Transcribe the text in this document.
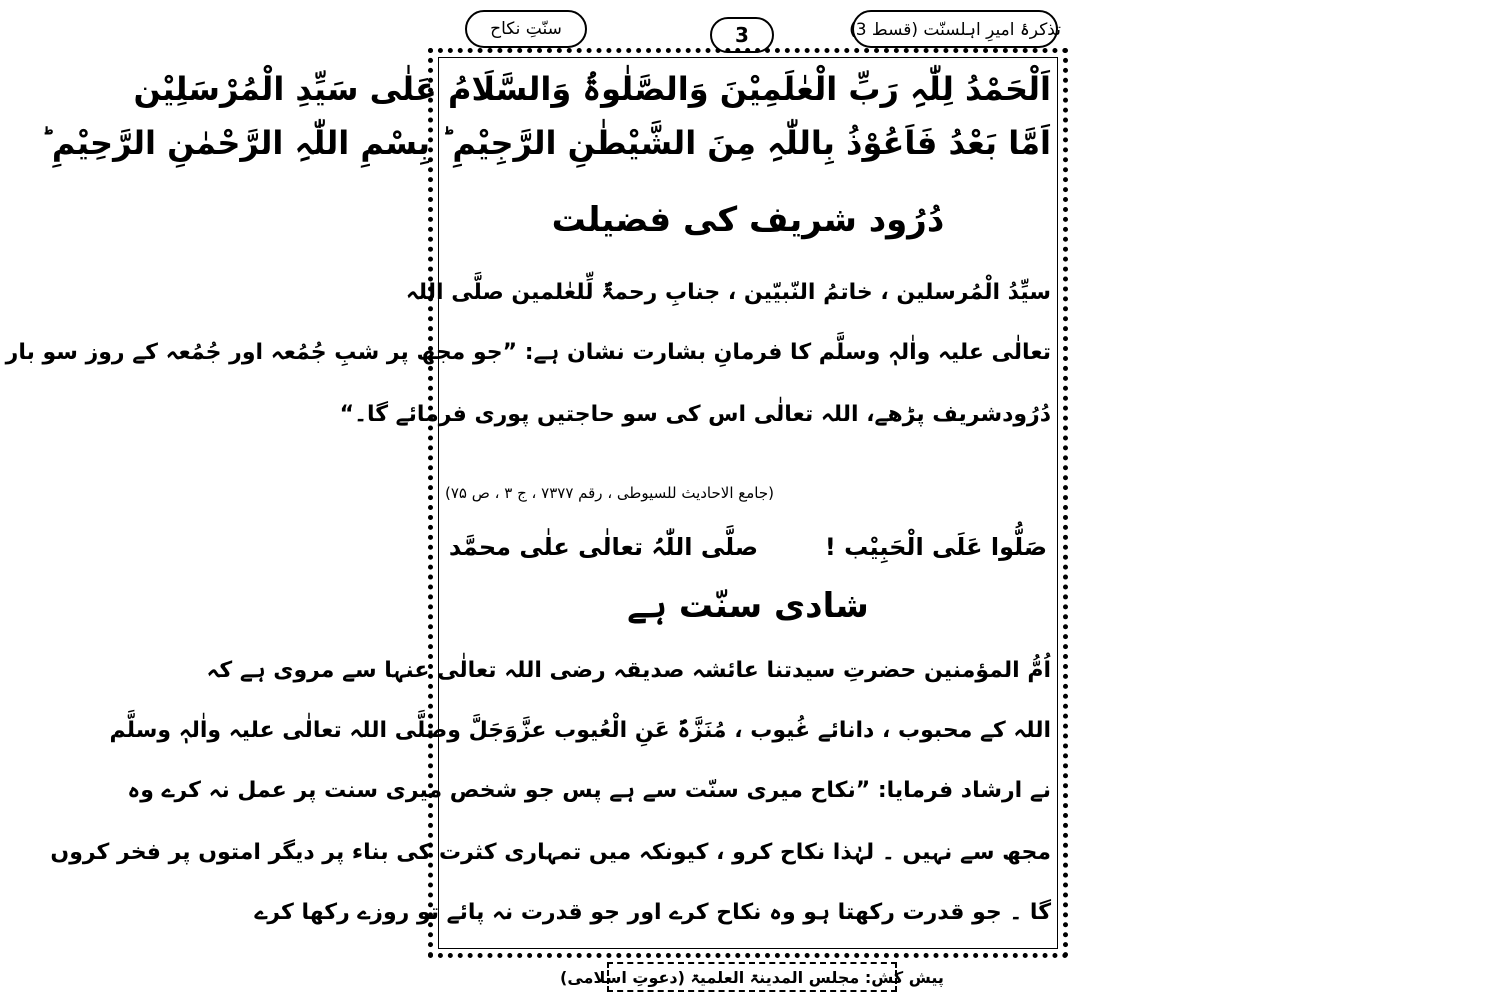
سنّتِ نکاح	3	تذکرۂ امیرِ اہلسنّت (قسط 3)
اَلْحَمْدُ لِلّٰہِ رَبِّ الْعٰلَمِیْنَ وَالصَّلٰوۃُ وَالسَّلَامُ عَلٰی سَیِّدِ الْمُرْسَلِیْن
اَمَّا بَعْدُ فَاَعُوْذُ بِاللّٰہِ مِنَ الشَّیْطٰنِ الرَّجِیْمِ ؕ بِسْمِ اللّٰہِ الرَّحْمٰنِ الرَّحِیْمِ ؕ
دُرُود شریف کی فضیلت
سیِّدُ الْمُرسلین ، خاتمُ النّبیّین ، جنابِ رحمۃٌ لِّلعٰلمین صلَّی اللہ
تعالٰی علیہ واٰلہٖ وسلَّم کا فرمانِ بشارت نشان ہے: ”جو مجھ پر شبِ جُمُعہ اور جُمُعہ کے روز سو بار
دُرُودشریف پڑھے، اللہ تعالٰی اس کی سو حاجتیں پوری فرمائے گا۔“
(جامع الاحادیث للسیوطی ، رقم ۷۳۷۷ ، ج ۳ ، ص ۷۵)
صَلُّوا عَلَی الْحَبِیْب !  صلَّی اللّٰہُ تعالٰی علٰی محمَّد
شادی سنّت ہے
اُمُّ المؤمنین حضرتِ سیدتنا عائشہ صدیقہ رضی اللہ تعالٰی عنہا سے مروی ہے کہ
اللہ کے محبوب ، دانائے غُیوب ، مُنَزَّہٌ عَنِ الْعُیوب عزَّوَجَلَّ وصلَّی اللہ تعالٰی علیہ واٰلہٖ وسلَّم
نے ارشاد فرمایا: ”نکاح میری سنّت سے ہے پس جو شخص میری سنت پر عمل نہ کرے وہ
مجھ سے نہیں ۔ لہٰذا نکاح کرو ، کیونکہ میں تمہاری کثرت کی بناء پر دیگر امتوں پر فخر کروں
گا ۔ جو قدرت رکھتا ہو وہ نکاح کرے اور جو قدرت نہ پائے تو روزے رکھا کرے
پیش کش: مجلس المدینۃ العلمیۃ (دعوتِ اسلامی)
